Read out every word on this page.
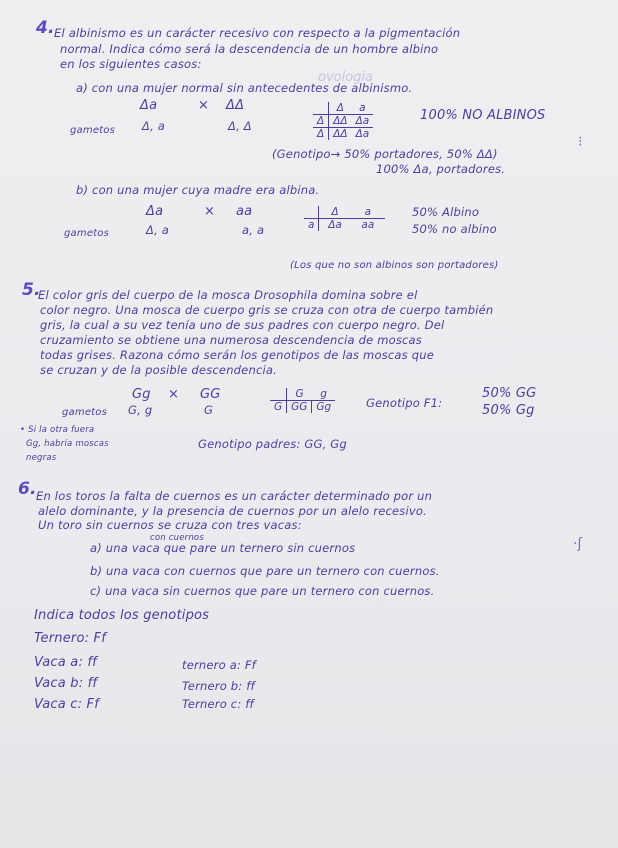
ovologia
4. El albinismo es un carácter recesivo con respecto a la pigmentación
normal. Indica cómo será la descendencia de un hombre albino
en los siguientes casos:
a) con una mujer normal sin antecedentes de albinismo.
Δa	× ΔΔ
gametos Δ, a	Δ, Δ
	Δ	a
Δ	ΔΔ	Δa
Δ	ΔΔ	Δa
100% NO ALBINOS
⁝
(Genotipo→ 50% portadores, 50% ΔΔ)
100% Δa, portadores.
b) con una mujer cuya madre era albina.
Δa	× aa
gametos	Δ, a	a, a
	Δ	a
a	Δa	aa
50% Albino
50% no albino
(Los que no son albinos son portadores)
5.
El color gris del cuerpo de la mosca Drosophila domina sobre el
color negro. Una mosca de cuerpo gris se cruza con otra de cuerpo también
gris, la cual a su vez tenía uno de sus padres con cuerpo negro. Del
cruzamiento se obtiene una numerosa descendencia de moscas
todas grises. Razona cómo serán los genotipos de las moscas que
se cruzan y de la posible descendencia.
Gg × GG
gametos G, g	G
	G	g
G	GG	Gg	Genotipo F1:
50% GG
50% Gg
• Si la otra fuera
Gg, habría moscas
negras
Genotipo padres: GG, Gg
6. En los toros la falta de cuernos es un carácter determinado por un
alelo dominante, y la presencia de cuernos por un alelo recesivo.
Un toro sin cuernos se cruza con tres vacas:
con cuernos
a) una vaca que pare un ternero sin cuernos	·ʃ
b) una vaca con cuernos que pare un ternero con cuernos.
c) una vaca sin cuernos que pare un ternero con cuernos.
Indica todos los genotipos
Ternero: Ff
Vaca a: ff
Vaca b: ff
Vaca c: Ff
ternero a: Ff
Ternero b: ff
Ternero c: ff
